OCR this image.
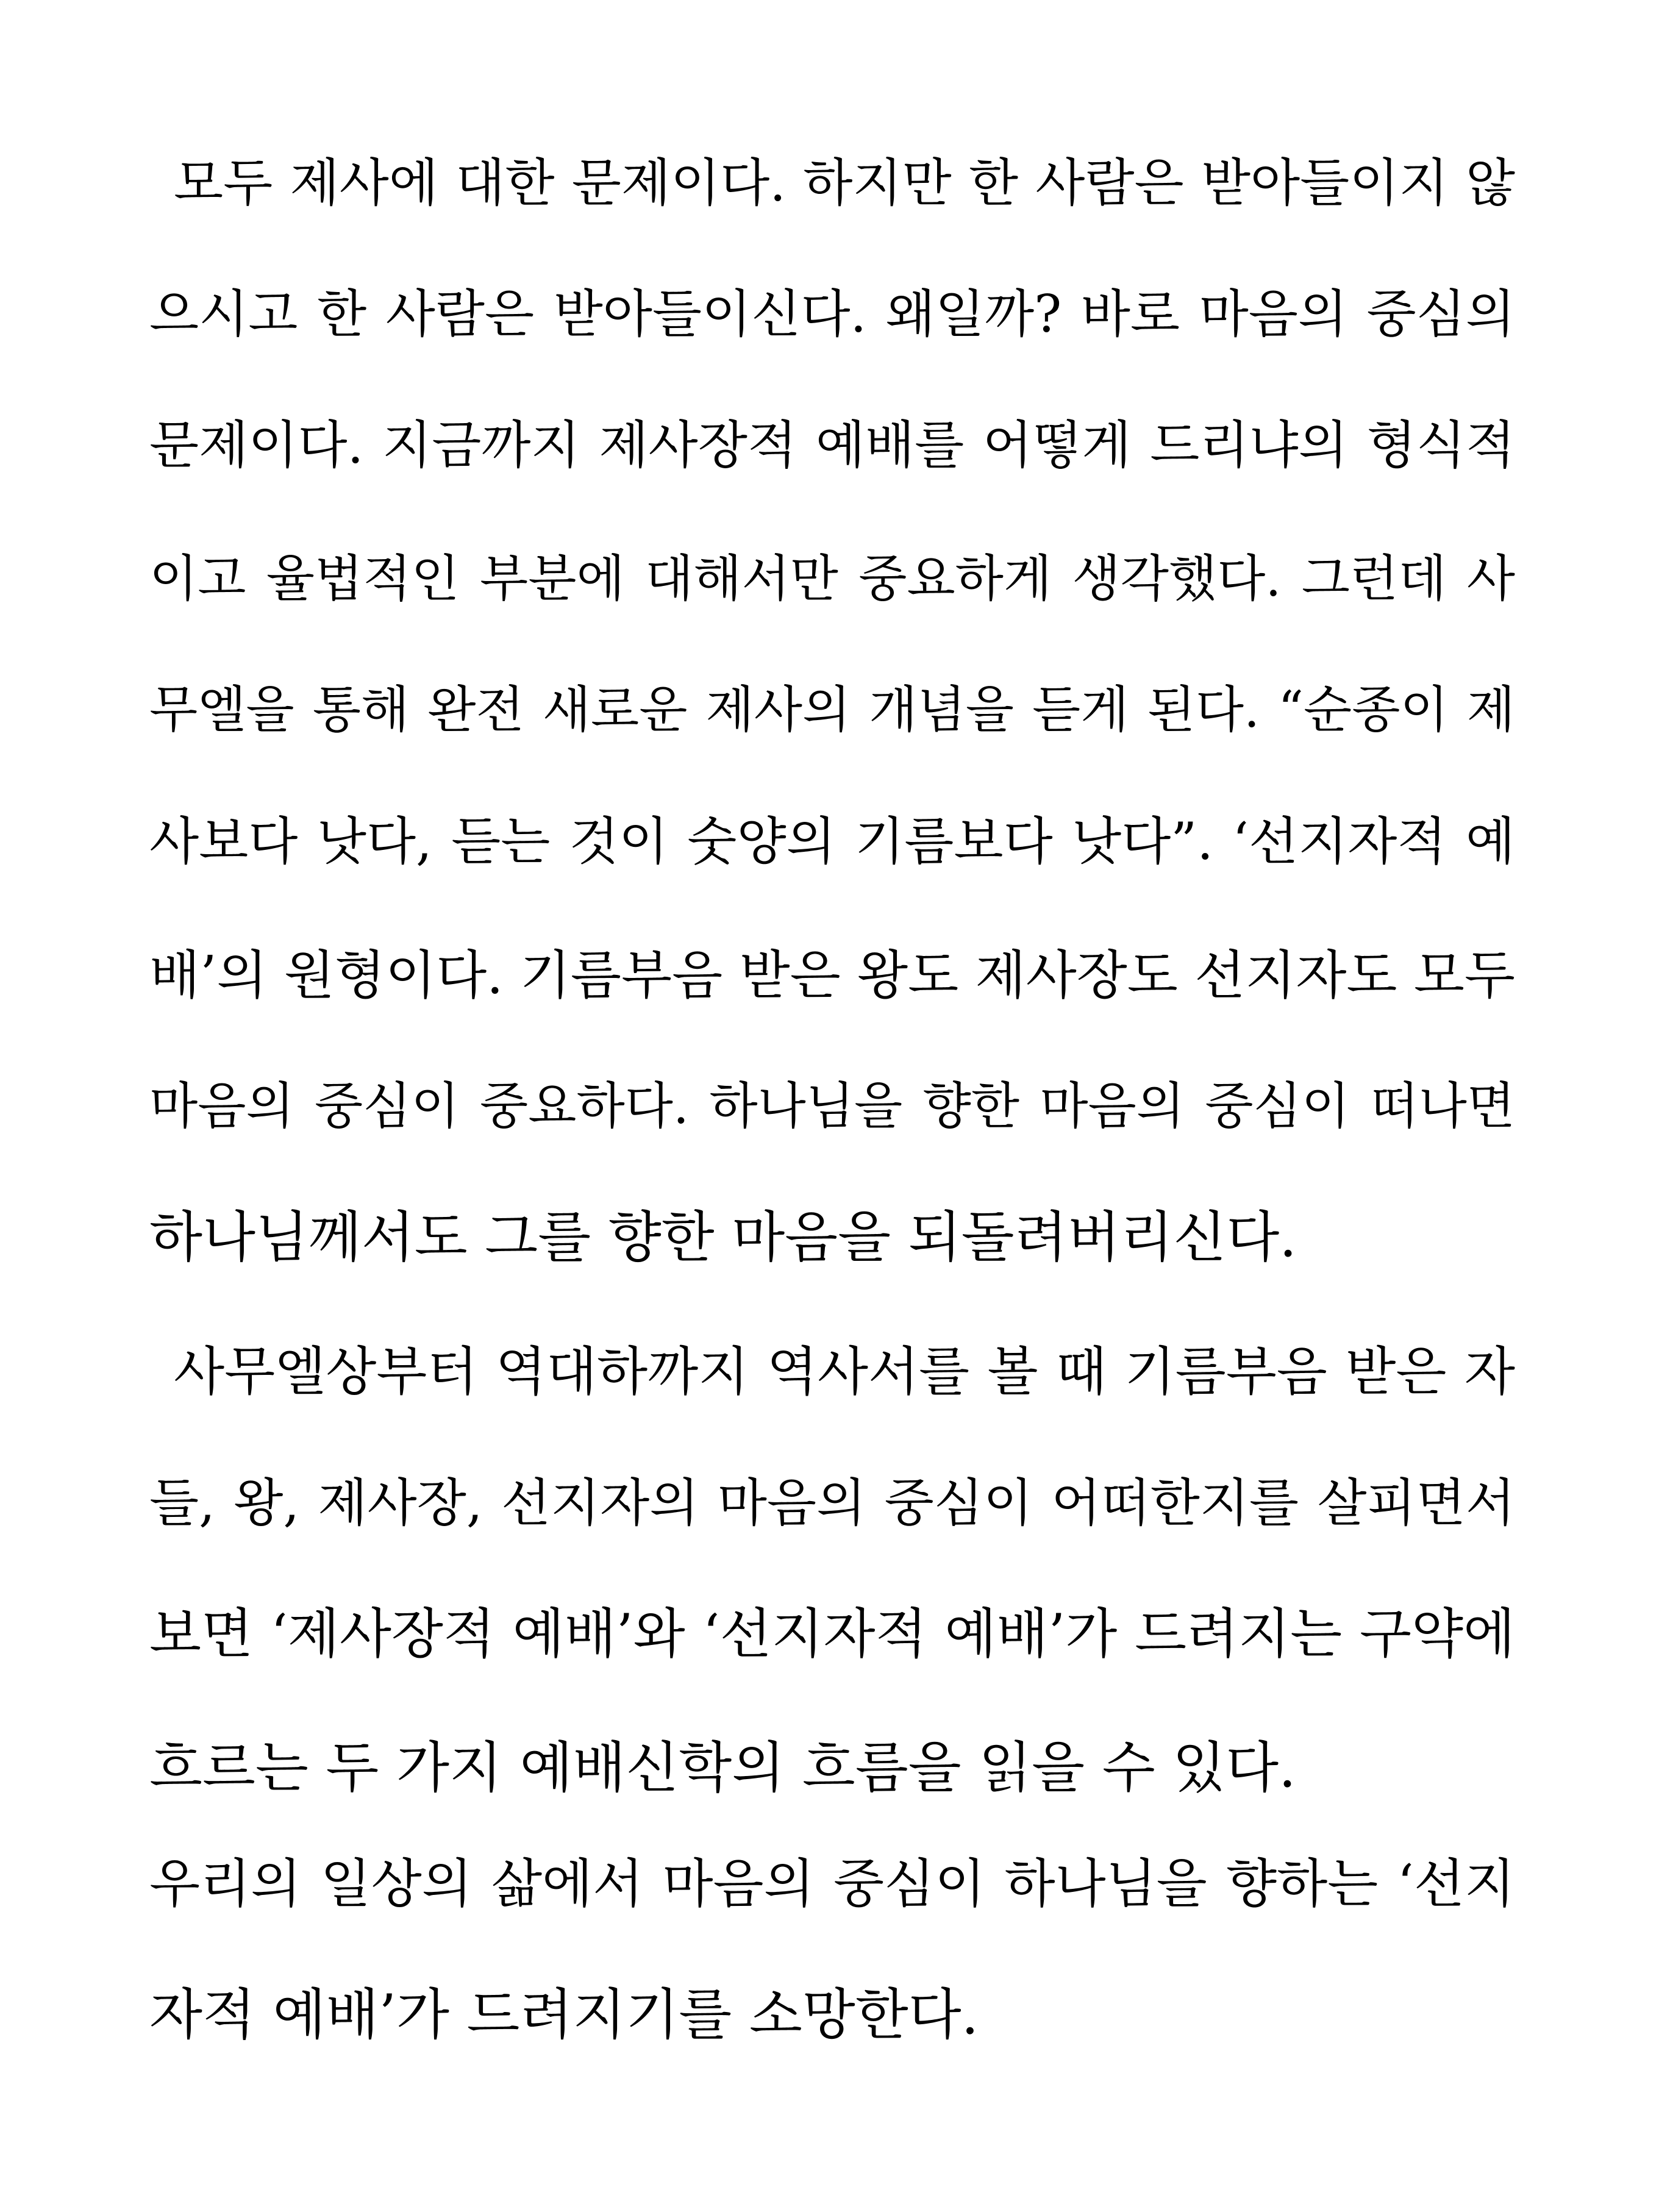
모두 제사에 대한 문제이다. 하지만 한 사람은 받아들이지 않
으시고 한 사람은 받아들이신다. 왜일까? 바로 마음의 중심의
문제이다. 지금까지 제사장적 예배를 어떻게 드리냐의 형식적
이고 율법적인 부분에 대해서만 중요하게 생각했다. 그런데 사
무엘을 통해 완전 새로운 제사의 개념을 듣게 된다. “순종이 제
사보다 낫다, 듣는 것이 숫양의 기름보다 낫다”. ‘선지자적 예
배’의 원형이다. 기름부음 받은 왕도 제사장도 선지자도 모두
마음의 중심이 중요하다. 하나님을 향한 마음의 중심이 떠나면
하나님께서도 그를 향한 마음을 되돌려버리신다.
사무엘상부터 역대하까지 역사서를 볼 때 기름부음 받은 자
들, 왕, 제사장, 선지자의 마음의 중심이 어떠한지를 살피면서
보면 ‘제사장적 예배’와 ‘선지자적 예배’가 드려지는 구약에
흐르는 두 가지 예배신학의 흐름을 읽을 수 있다.
우리의 일상의 삶에서 마음의 중심이 하나님을 향하는 ‘선지
자적 예배’가 드려지기를 소망한다.
